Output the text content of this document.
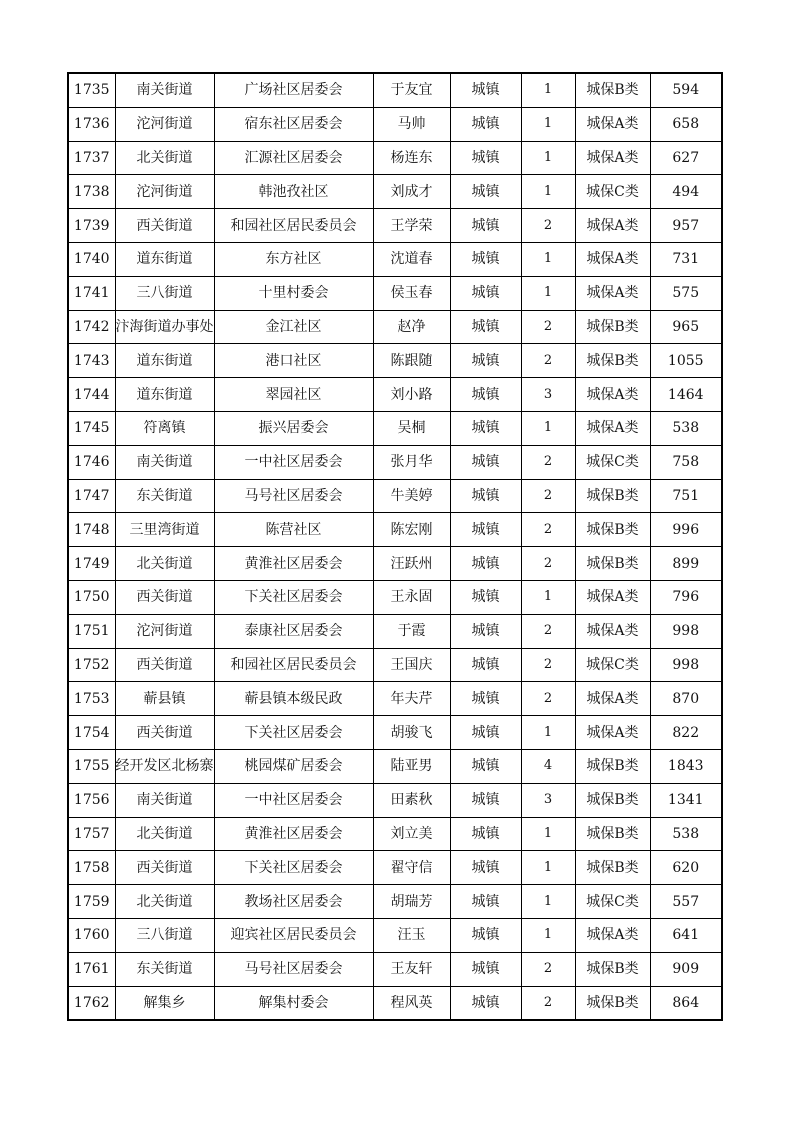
1735	南关街道	广场社区居委会	于友宜	城镇	1	城保B类	594
1736	沱河街道	宿东社区居委会	马帅	城镇	1	城保A类	658
1737	北关街道	汇源社区居委会	杨连东	城镇	1	城保A类	627
1738	沱河街道	韩池孜社区	刘成才	城镇	1	城保C类	494
1739	西关街道	和园社区居民委员会	王学荣	城镇	2	城保A类	957
1740	道东街道	东方社区	沈道春	城镇	1	城保A类	731
1741	三八街道	十里村委会	侯玉春	城镇	1	城保A类	575
1742	汴海街道办事处	金江社区	赵净	城镇	2	城保B类	965
1743	道东街道	港口社区	陈跟随	城镇	2	城保B类	1055
1744	道东街道	翠园社区	刘小路	城镇	3	城保A类	1464
1745	符离镇	振兴居委会	吴桐	城镇	1	城保A类	538
1746	南关街道	一中社区居委会	张月华	城镇	2	城保C类	758
1747	东关街道	马号社区居委会	牛美婷	城镇	2	城保B类	751
1748	三里湾街道	陈营社区	陈宏刚	城镇	2	城保B类	996
1749	北关街道	黄淮社区居委会	汪跃州	城镇	2	城保B类	899
1750	西关街道	下关社区居委会	王永固	城镇	1	城保A类	796
1751	沱河街道	泰康社区居委会	于霞	城镇	2	城保A类	998
1752	西关街道	和园社区居民委员会	王国庆	城镇	2	城保C类	998
1753	蕲县镇	蕲县镇本级民政	年夫芹	城镇	2	城保A类	870
1754	西关街道	下关社区居委会	胡骏飞	城镇	1	城保A类	822
1755	经开发区北杨寨	桃园煤矿居委会	陆亚男	城镇	4	城保B类	1843
1756	南关街道	一中社区居委会	田素秋	城镇	3	城保B类	1341
1757	北关街道	黄淮社区居委会	刘立美	城镇	1	城保B类	538
1758	西关街道	下关社区居委会	翟守信	城镇	1	城保B类	620
1759	北关街道	教场社区居委会	胡瑞芳	城镇	1	城保C类	557
1760	三八街道	迎宾社区居民委员会	汪玉	城镇	1	城保A类	641
1761	东关街道	马号社区居委会	王友轩	城镇	2	城保B类	909
1762	解集乡	解集村委会	程风英	城镇	2	城保B类	864
